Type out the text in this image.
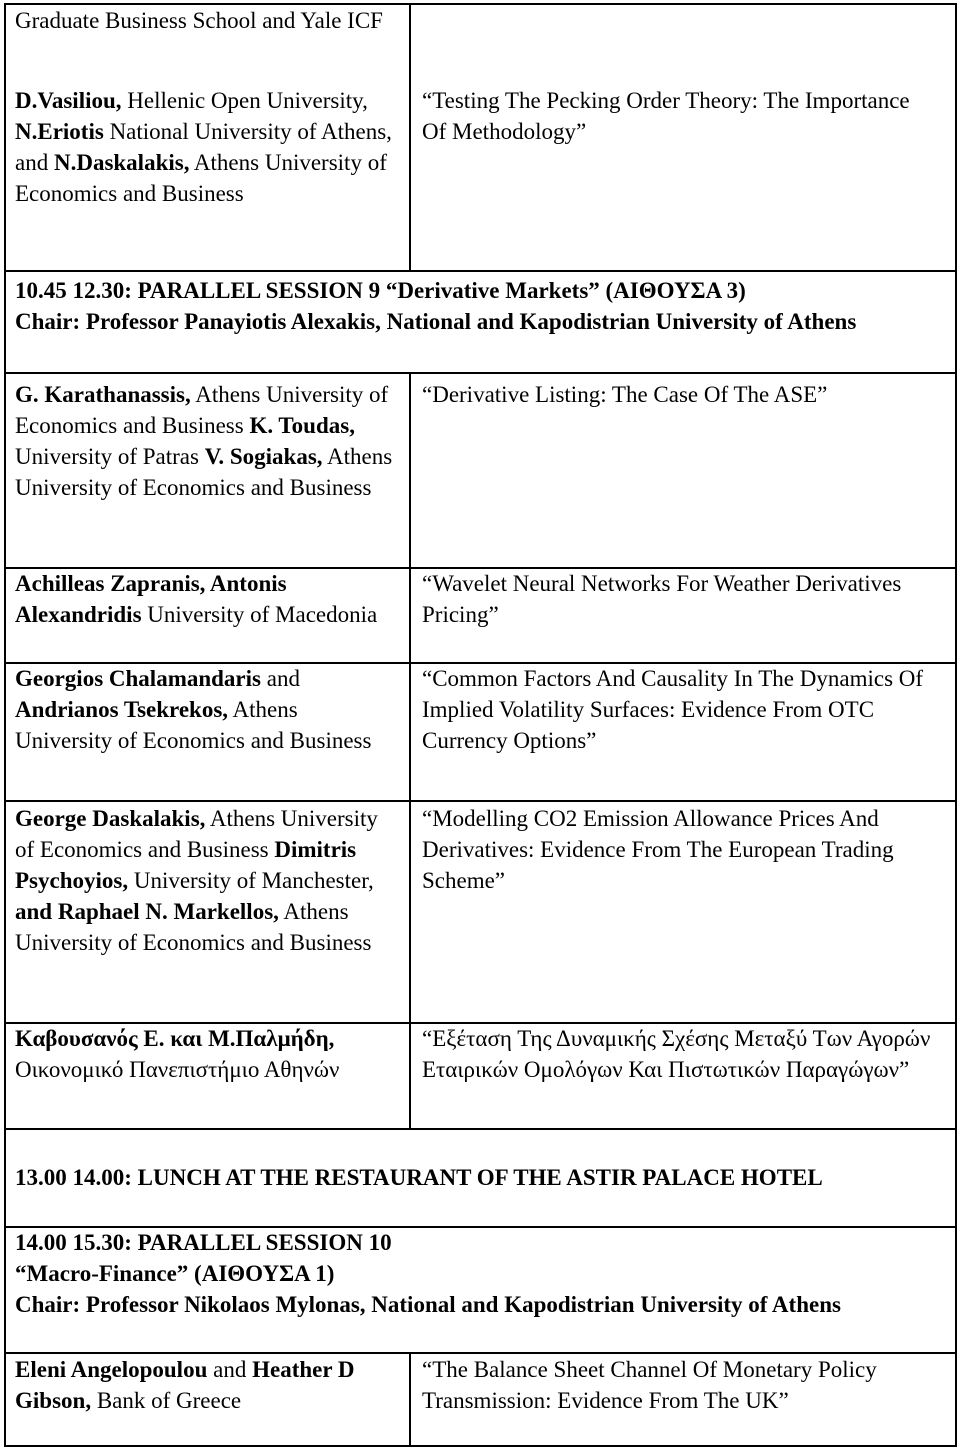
Graduate Business School and Yale ICF
D.Vasiliou, Hellenic Open University,
N.Eriotis National University of Athens, and N.Daskalakis, Athens University of Economics and Business
“Testing The Pecking Order Theory: The Importance Of Methodology”
10.45 12.30: PARALLEL SESSION 9 “Derivative Markets” (ΑΙΘΟΥΣΑ 3)
Chair: Professor Panayiotis Alexakis, National and Kapodistrian University of Athens
G. Karathanassis, Athens University of Economics and Business K. Toudas, University of Patras V. Sogiakas, Athens University of Economics and Business
“Derivative Listing: The Case Of The ASE”
Achilleas Zapranis, Antonis Alexandridis University of Macedonia
“Wavelet Neural Networks For Weather Derivatives Pricing”
Georgios Chalamandaris and Andrianos Tsekrekos, Athens University of Economics and Business
“Common Factors And Causality In The Dynamics Of Implied Volatility Surfaces: Evidence From OTC Currency Options”
George Daskalakis, Athens University of Economics and Business Dimitris Psychoyios, University of Manchester, and Raphael N. Markellos, Athens University of Economics and Business
“Modelling CO2 Emission Allowance Prices And Derivatives: Evidence From The European Trading Scheme”
Καβουσανός Ε. και Μ.Παλμήδη, Οικονομικό Πανεπιστήμιο Αθηνών
“Εξέταση Της Δυναμικής Σχέσης Μεταξύ Των Αγορών Εταιρικών Ομολόγων Και Πιστωτικών Παραγώγων”
13.00 14.00: LUNCH AT THE RESTAURANT OF THE ASTIR PALACE HOTEL
14.00 15.30: PARALLEL SESSION 10
“Macro-Finance” (ΑΙΘΟΥΣΑ 1)
Chair: Professor Nikolaos Mylonas, National and Kapodistrian University of Athens
Eleni Angelopoulou and Heather D Gibson, Bank of Greece
“The Balance Sheet Channel Of Monetary Policy Transmission: Evidence From The UK”
